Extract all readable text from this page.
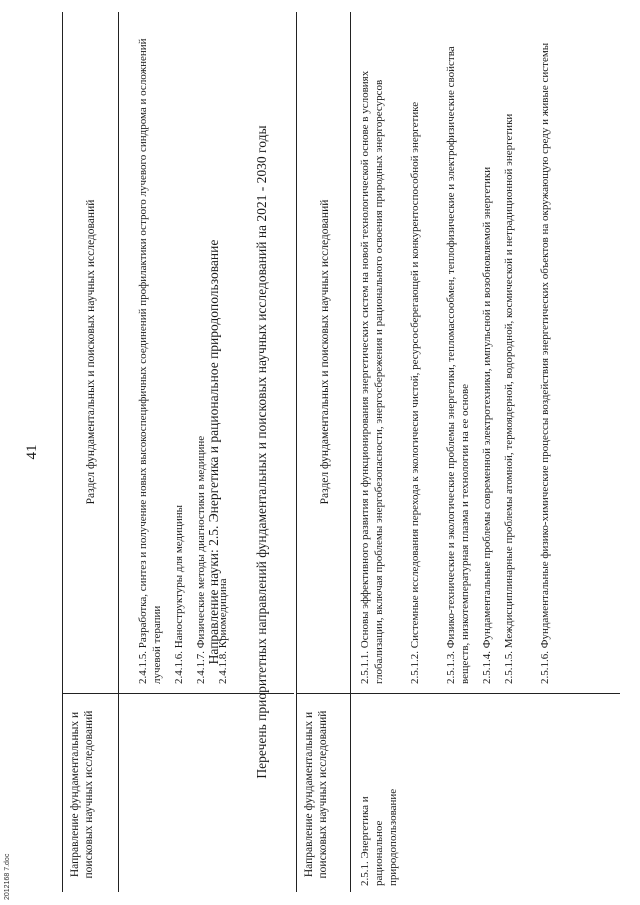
41
Направление фундаментальных и поисковых научных исследований
Раздел фундаментальных и поисковых научных исследований	2.4.1.5. Разработка, синтез и получение новых высокоспецифичных соединений профилактики острого лучевого синдрома и осложнений лучевой терапии 2.4.1.6. Наноструктуры для медицины 2.4.1.7. Физические методы диагностики в медицине 2.4.1.8. Криомедицина
Направление науки: 2.5. Энергетика и рациональное природопользование Перечень приоритетных направлений фундаментальных и поисковых научных исследований на 2021 - 2030 годы
Направление фундаментальных и поисковых научных исследований
Раздел фундаментальных и поисковых научных исследований
2.5.1. Энергетика и рациональное природопользование
2.5.1.1. Основы эффективного развития и функционирования энергетических систем на новой технологической основе в условиях глобализации, включая проблемы энергобезопасности, энергосбережения и рационального освоения природных энергоресурсов 2.5.1.2. Системные исследования перехода к экологически чистой, ресурсосберегающей и конкурентоспособной энергетике 2.5.1.3. Физико-технические и экологические проблемы энергетики, тепломассообмен, теплофизические и электрофизические свойства веществ, низкотемпературная плазма и технологии на ее основе 2.5.1.4. Фундаментальные проблемы современной электротехники, импульсной и возобновляемой энергетики 2.5.1.5. Междисциплинарные проблемы атомной, термоядерной, водородной, космической и нетрадиционной энергетики 2.5.1.6. Фундаментальные физико-химические процессы воздействия энергетических объектов на окружающую среду и живые системы
2012168 7.doc
